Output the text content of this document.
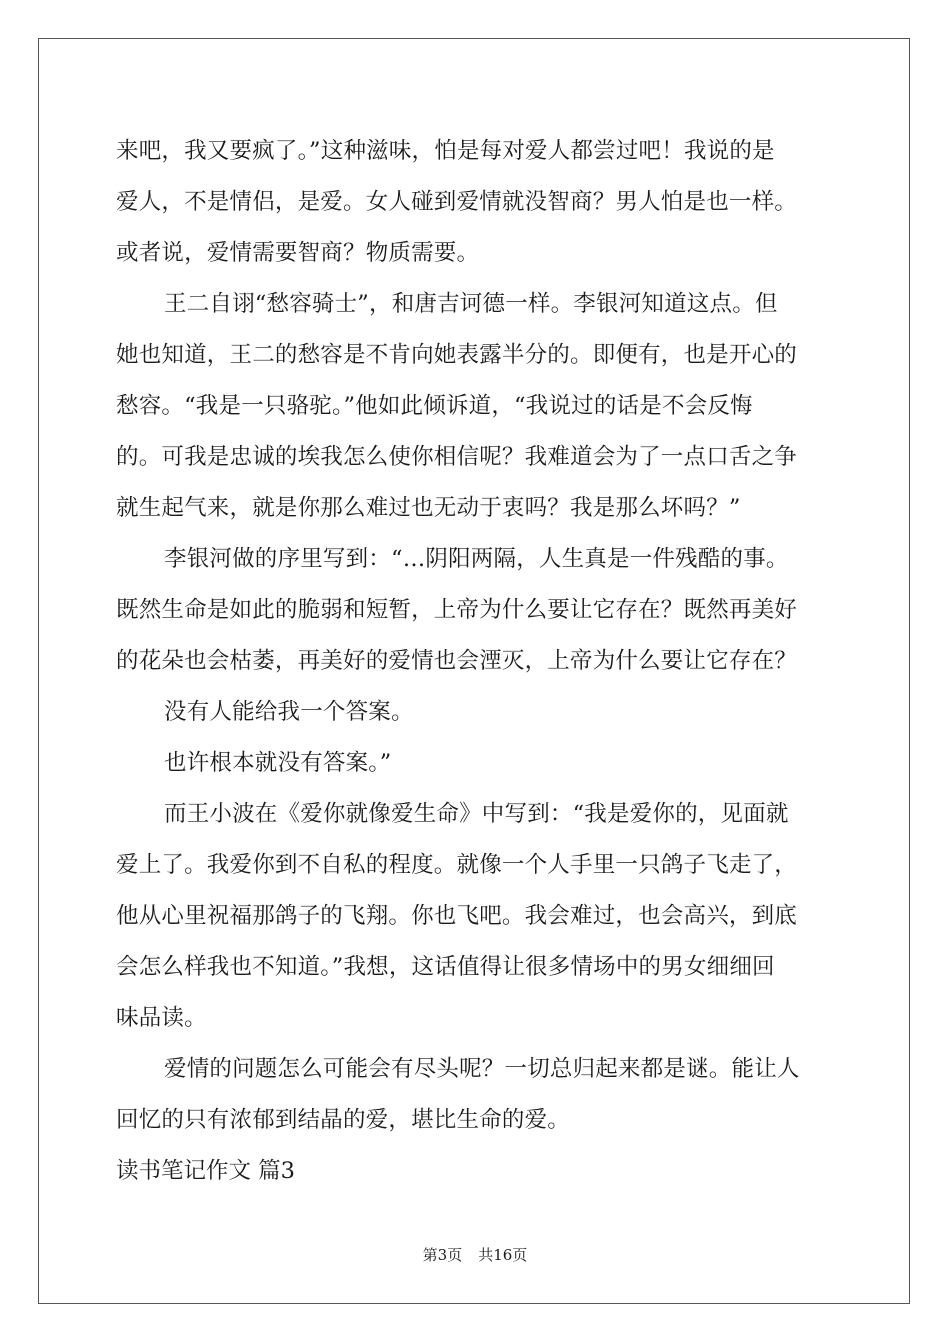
来吧，我又要疯了。”这种滋味，怕是每对爱人都尝过吧！我说的是
爱人，不是情侣，是爱。女人碰到爱情就没智商？男人怕是也一样。
或者说，爱情需要智商？物质需要。
王二自诩“愁容骑士”，和唐吉诃德一样。李银河知道这点。但
她也知道，王二的愁容是不肯向她表露半分的。即便有，也是开心的
愁容。“我是一只骆驼。”他如此倾诉道，“我说过的话是不会反悔
的。可我是忠诚的埃我怎么使你相信呢？我难道会为了一点口舌之争
就生起气来，就是你那么难过也无动于衷吗？我是那么坏吗？”
李银河做的序里写到：“…阴阳两隔，人生真是一件残酷的事。
既然生命是如此的脆弱和短暂，上帝为什么要让它存在？既然再美好
的花朵也会枯萎，再美好的爱情也会湮灭，上帝为什么要让它存在？
没有人能给我一个答案。
也许根本就没有答案。”
而王小波在《爱你就像爱生命》中写到：“我是爱你的，见面就
爱上了。我爱你到不自私的程度。就像一个人手里一只鸽子飞走了，
他从心里祝福那鸽子的飞翔。你也飞吧。我会难过，也会高兴，到底
会怎么样我也不知道。”我想，这话值得让很多情场中的男女细细回
味品读。
爱情的问题怎么可能会有尽头呢？一切总归起来都是谜。能让人
回忆的只有浓郁到结晶的爱，堪比生命的爱。
读书笔记作文 篇3
第3页 共16页
